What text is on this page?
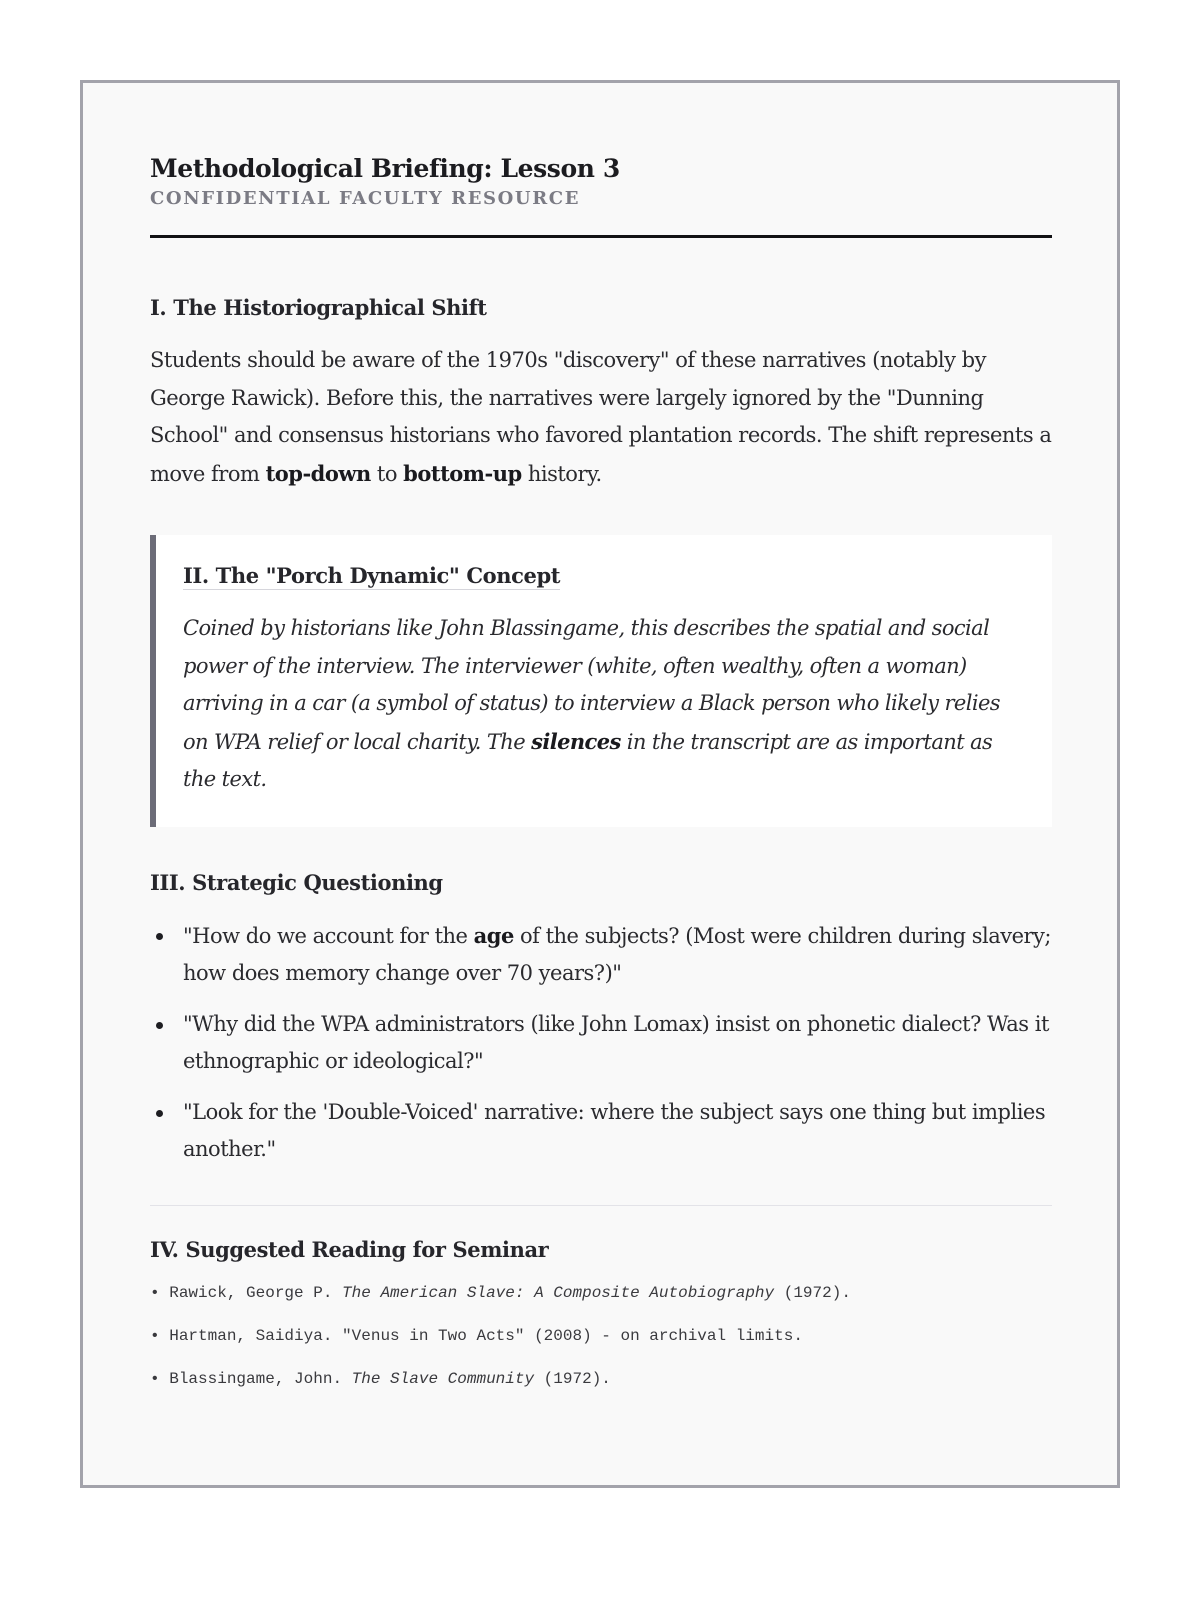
Methodological Briefing: Lesson 3
CONFIDENTIAL FACULTY RESOURCE
I. The Historiographical Shift

Students should be aware of the 1970s "discovery" of these narratives (notably by George Rawick). Before this, the narratives were largely ignored by the "Dunning School" and consensus historians who favored plantation records. The shift represents a move from top-down to bottom-up history.

II. The "Porch Dynamic" Concept

Coined by historians like John Blassingame, this describes the spatial and social power of the interview. The interviewer (white, often wealthy, often a woman) arriving in a car (a symbol of status) to interview a Black person who likely relies on WPA relief or local charity. The silences in the transcript are as important as the text.

III. Strategic Questioning
"How do we account for the age of the subjects? (Most were children during slavery; how does memory change over 70 years?)"
"Why did the WPA administrators (like John Lomax) insist on phonetic dialect? Was it ethnographic or ideological?"
"Look for the 'Double-Voiced' narrative: where the subject says one thing but implies another."
IV. Suggested Reading for Seminar
• Rawick, George P. The American Slave: A Composite Autobiography (1972).
• Hartman, Saidiya. "Venus in Two Acts" (2008) - on archival limits.
• Blassingame, John. The Slave Community (1972).
